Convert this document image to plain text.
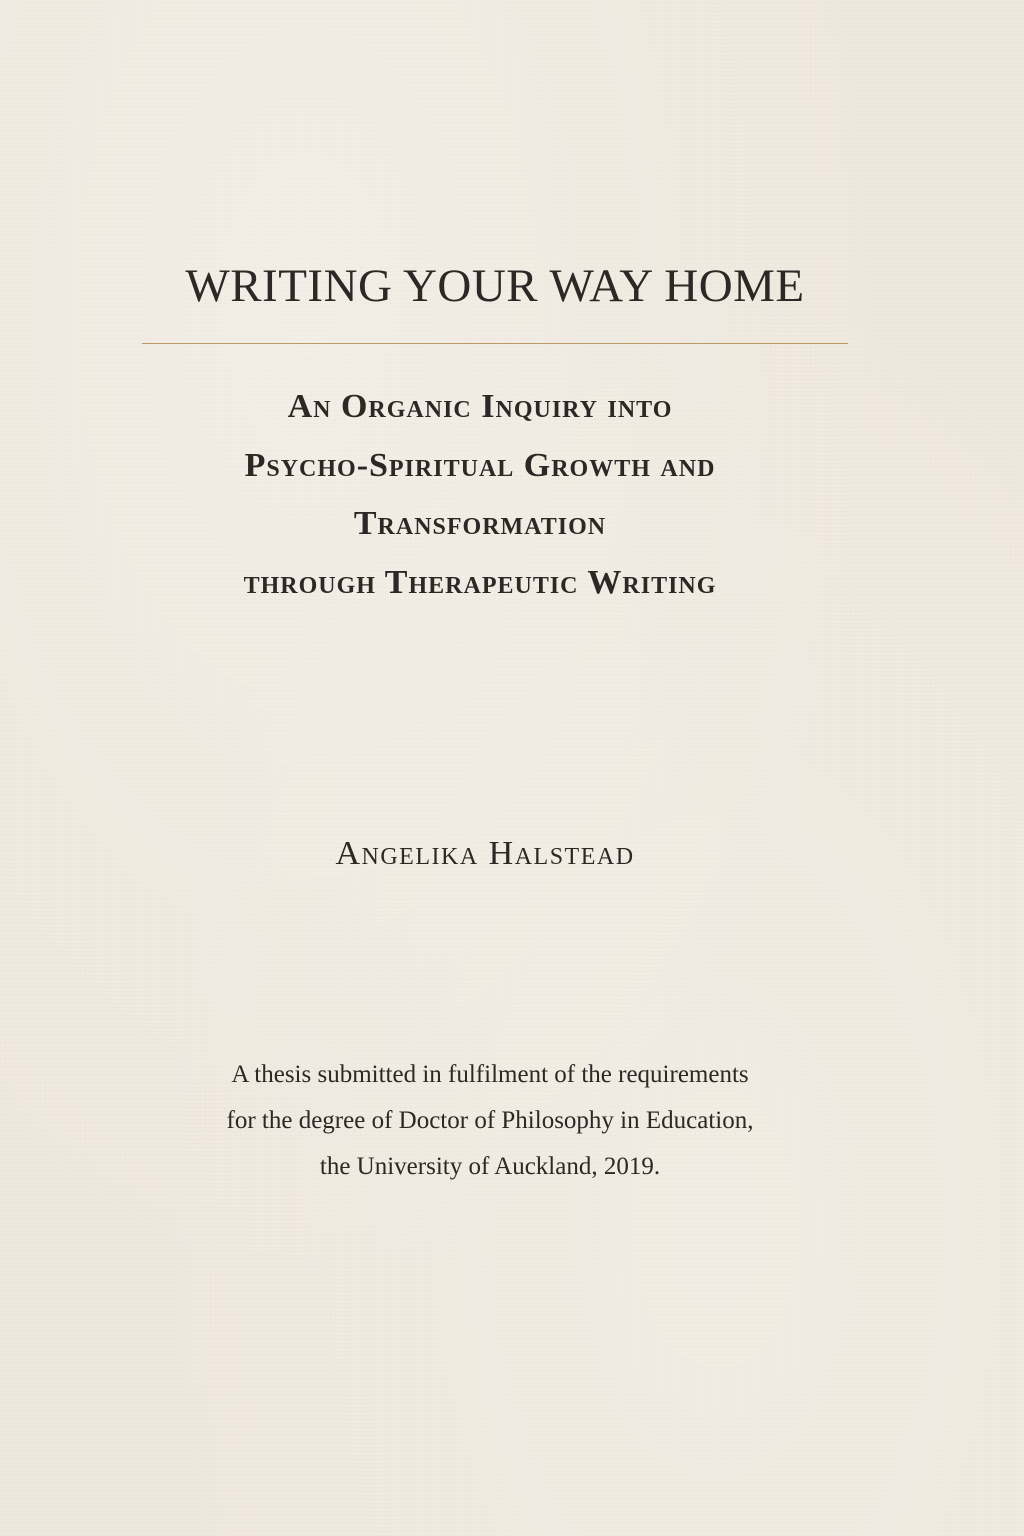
WRITING YOUR WAY HOME
An Organic Inquiry into
Psycho-Spiritual Growth and
Transformation
through Therapeutic Writing

Angelika Halstead

A thesis submitted in fulfilment of the requirements
for the degree of Doctor of Philosophy in Education,
the University of Auckland, 2019.
